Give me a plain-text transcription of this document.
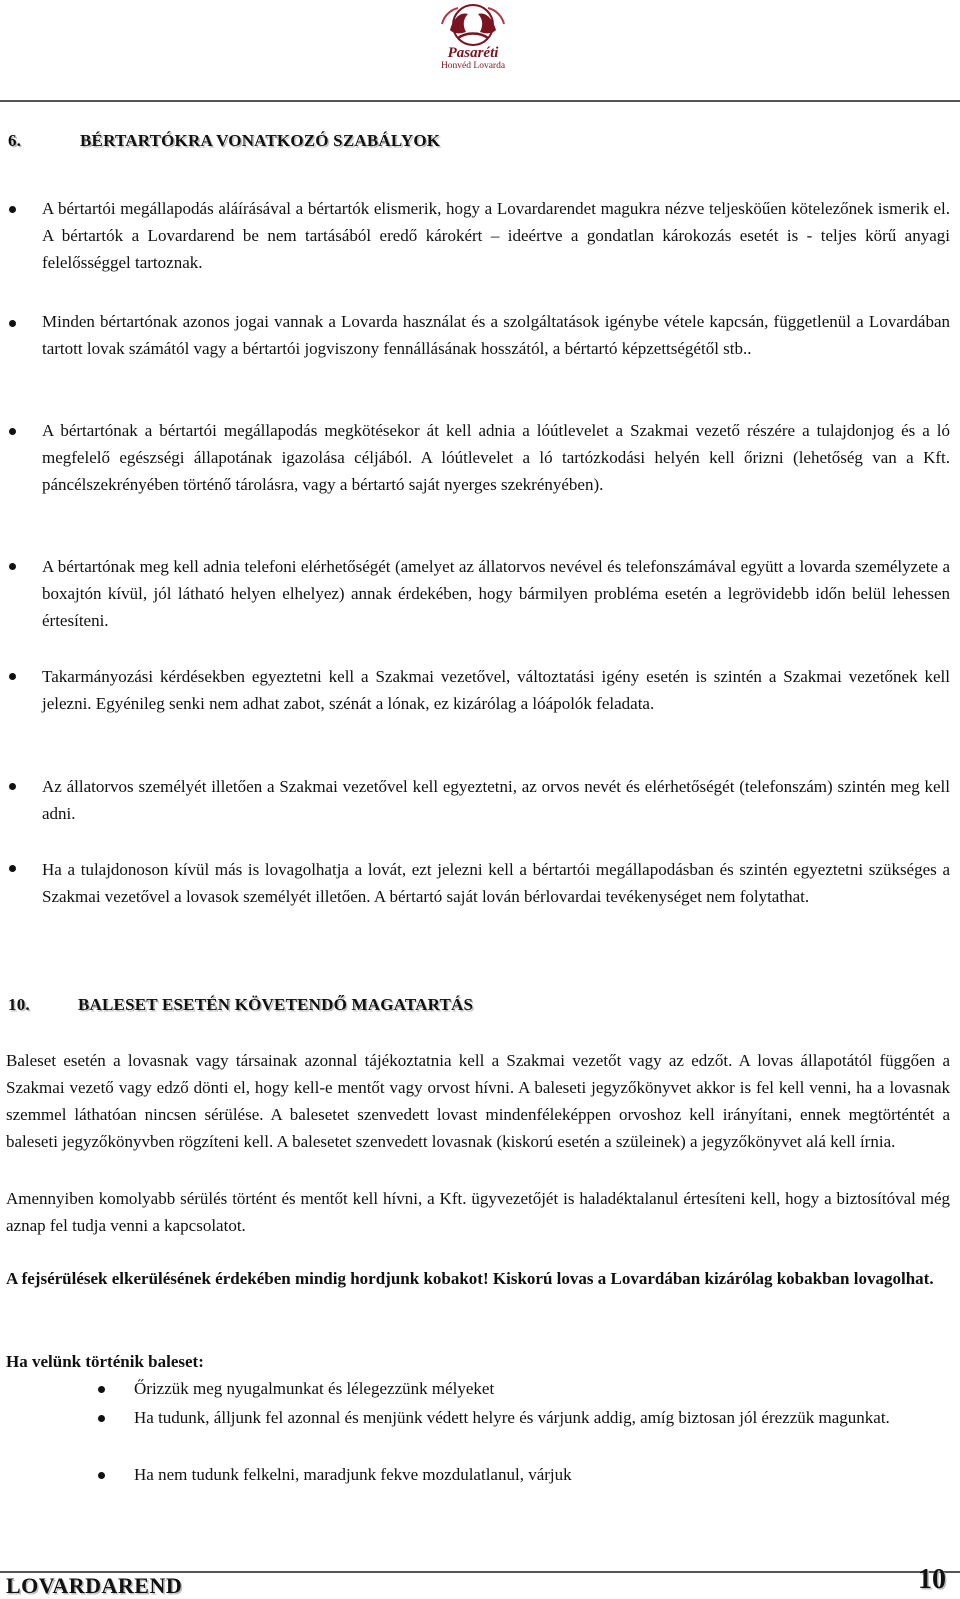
Pasaréti
Honvéd Lovarda
6.	BÉRTARTÓKRA VONATKOZÓ SZABÁLYOK
A bértartói megállapodás aláírásával a bértartók elismerik, hogy a Lovardarendet magukra nézve teljesköűen kötelezőnek ismerik el. A bértartók a Lovardarend be nem tartásából eredő károkért – ideértve a gondatlan károkozás esetét is - teljes körű anyagi felelősséggel tartoznak.
Minden bértartónak azonos jogai vannak a Lovarda használat és a szolgáltatások igénybe vétele kapcsán, függetlenül a Lovardában tartott lovak számától vagy a bértartói jogviszony fennállásának hosszától, a bértartó képzettségétől stb..
A bértartónak a bértartói megállapodás megkötésekor át kell adnia a lóútlevelet a Szakmai vezető részére a tulajdonjog és a ló megfelelő egészségi állapotának igazolása céljából. A lóútlevelet a ló tartózkodási helyén kell őrizni (lehetőség van a Kft. páncélszekrényében történő tárolásra, vagy a bértartó saját nyerges szekrényében).
A bértartónak meg kell adnia telefoni elérhetőségét (amelyet az állatorvos nevével és telefonszámával együtt a lovarda személyzete a boxajtón kívül, jól látható helyen elhelyez) annak érdekében, hogy bármilyen probléma esetén a legrövidebb időn belül lehessen értesíteni.
Takarmányozási kérdésekben egyeztetni kell a Szakmai vezetővel, változtatási igény esetén is szintén a Szakmai vezetőnek kell jelezni. Egyénileg senki nem adhat zabot, szénát a lónak, ez kizárólag a lóápolók feladata.
Az állatorvos személyét illetően a Szakmai vezetővel kell egyeztetni, az orvos nevét és elérhetőségét (telefonszám) szintén meg kell adni.
Ha a tulajdonoson kívül más is lovagolhatja a lovát, ezt jelezni kell a bértartói megállapodásban és szintén egyeztetni szükséges a Szakmai vezetővel a lovasok személyét illetően. A bértartó saját lován bérlovardai tevékenységet nem folytathat.
10.	BALESET ESETÉN KÖVETENDŐ MAGATARTÁS
Baleset esetén a lovasnak vagy társainak azonnal tájékoztatnia kell a Szakmai vezetőt vagy az edzőt. A lovas állapotától függően a Szakmai vezető vagy edző dönti el, hogy kell-e mentőt vagy orvost hívni. A baleseti jegyzőkönyvet akkor is fel kell venni, ha a lovasnak szemmel láthatóan nincsen sérülése. A balesetet szenvedett lovast mindenféleképpen orvoshoz kell irányítani, ennek megtörténtét a baleseti jegyzőkönyvben rögzíteni kell. A balesetet szenvedett lovasnak (kiskorú esetén a szüleinek) a jegyzőkönyvet alá kell írnia.
Amennyiben komolyabb sérülés történt és mentőt kell hívni, a Kft. ügyvezetőjét is haladéktalanul értesíteni kell, hogy a biztosítóval még aznap fel tudja venni a kapcsolatot.
A fejsérülések elkerülésének érdekében mindig hordjunk kobakot! Kiskorú lovas a Lovardában kizárólag kobakban lovagolhat.
Ha velünk történik baleset:
Őrizzük meg nyugalmunkat és lélegezzünk mélyeket
Ha tudunk, álljunk fel azonnal és menjünk védett helyre és várjunk addig, amíg biztosan jól érezzük magunkat.
Ha nem tudunk felkelni, maradjunk fekve mozdulatlanul, várjuk
LOVARDAREND	10
